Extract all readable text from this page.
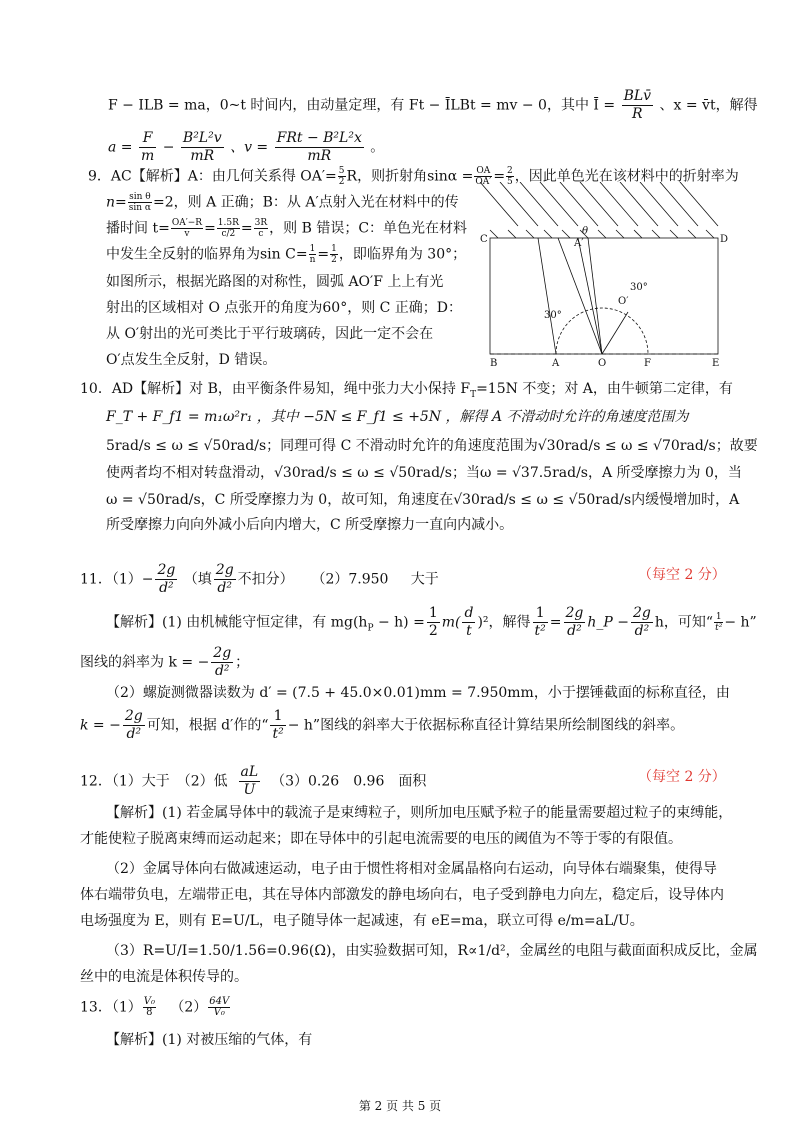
F − ILB = ma，0~t 时间内，由动量定理，有 Ft − ĪLBt = mv − 0，其中 Ī = $\frac{\text{BLv̄}}{R}$ 、x = v̄t，解得
$a = \frac{F}{m} - \frac{\text{B²L²v}}{mR}$ 、$v = \frac{\text{FRt − B²L²x}}{mR}$ 。
9．AC【解析】A：由几何关系得 $OA'= \frac{5}{2}$ R，则折射角$\sin\alpha = \frac{OA}{OA'} = \frac{2}{5}$ ，因此单色光在该材料中的折射率为
$n= \frac{\text{sin θ}}{\text{sin α}} =2$，则 A 正确；B：从 A′点射入光在材料中的传
播时间 $t= \frac{OA'-R}{v} = \frac{1.5R}{c/2} = \frac{3R}{c}$ ，则 B 错误；C：单色光在材料
中发生全反射的临界角为$\sin C= \frac{1}{n} = \frac{1}{2}$ ，即临界角为 30°；
如图所示，根据光路图的对称性，圆弧 AO′F 上上有光
射出的区域相对 O 点张开的角度为60°，则 C 正确；D：
从 O′射出的光可类比于平行玻璃砖，因此一定不会在
O′点发生全反射，D 错误。
C	D
A′
θ
O′
30°
30°
B	A	O	F	E
10．AD【解析】对 B，由平衡条件易知，绳中张力大小保持 $F_T=15N$ 不变；对 A，由牛顿第二定律，有
F_T + F_f1 = m₁ω²r₁ ，其中 −5N ≤ F_f1 ≤ +5N ，解得 A 不滑动时允许的角速度范围为
5rad/s ≤ ω ≤ √50rad/s；同理可得 C 不滑动时允许的角速度范围为√30rad/s ≤ ω ≤ √70rad/s；故要
使两者均不相对转盘滑动，√30rad/s ≤ ω ≤ √50rad/s；当ω = √37.5rad/s，A 所受摩擦力为 0，当
ω = √50rad/s，C 所受摩擦力为 0，故可知，角速度在√30rad/s ≤ ω ≤ √50rad/s内缓慢增加时，A
所受摩擦力向向外减小后向内增大，C 所受摩擦力一直向内减小。
11．$(1)- \frac{2g}{\text{d²}}$ （填 $\frac{2g}{\text{d²}}$ 不扣分） （2）7.950 大于	（每空 2 分）
【解析】(1) 由机械能守恒定律，有 $mg(h_P - h) = \frac{1}{2} m( \frac{d}{t} )^2$，解得 $\frac{1}{\text{t²}} = \frac{2g}{\text{d²}}$ h_P − $\frac{2g}{\text{d²}}$ h，可知“ $\frac{1}{\text{t²}} - h$”
图线的斜率为 k = − $\frac{2g}{\text{d²}}$ ；
（2）螺旋测微器读数为 d′ = (7.5 + 45.0×0.01)mm = 7.950mm，小于摆锤截面的标称直径，由
k = − $\frac{2g}{\text{d²}}$ 可知，根据 d′作的“ $\frac{1}{\text{t²}} - h$”图线的斜率大于依据标称直径计算结果所绘制图线的斜率。
12．（1）大于　（2）低 $\frac{aL}{U} (3)0.26$　0.96　面积	（每空 2 分）
【解析】(1) 若金属导体中的载流子是束缚粒子，则所加电压赋予粒子的能量需要超过粒子的束缚能，
才能使粒子脱离束缚而运动起来；即在导体中的引起电流需要的电压的阈值为不等于零的有限值。
（2）金属导体向右做减速运动，电子由于惯性将相对金属晶格向右运动，向导体右端聚集，使得导
体右端带负电，左端带正电，其在导体内部激发的静电场向右，电子受到静电力向左，稳定后，设导体内
电场强度为 E，则有 E=U/L，电子随导体一起减速，有 eE=ma，联立可得 e/m=aL/U。
（3）R=U/I=1.50/1.56=0.96(Ω)，由实验数据可知，R∝1/d²，金属丝的电阻与截面面积成反比，金属
丝中的电流是体积传导的。
13．$(1) \frac{\text{V₀}}{8} (2) \frac{64V}{\text{V₀}}$
【解析】(1) 对被压缩的气体，有
第 2 页 共 5 页
